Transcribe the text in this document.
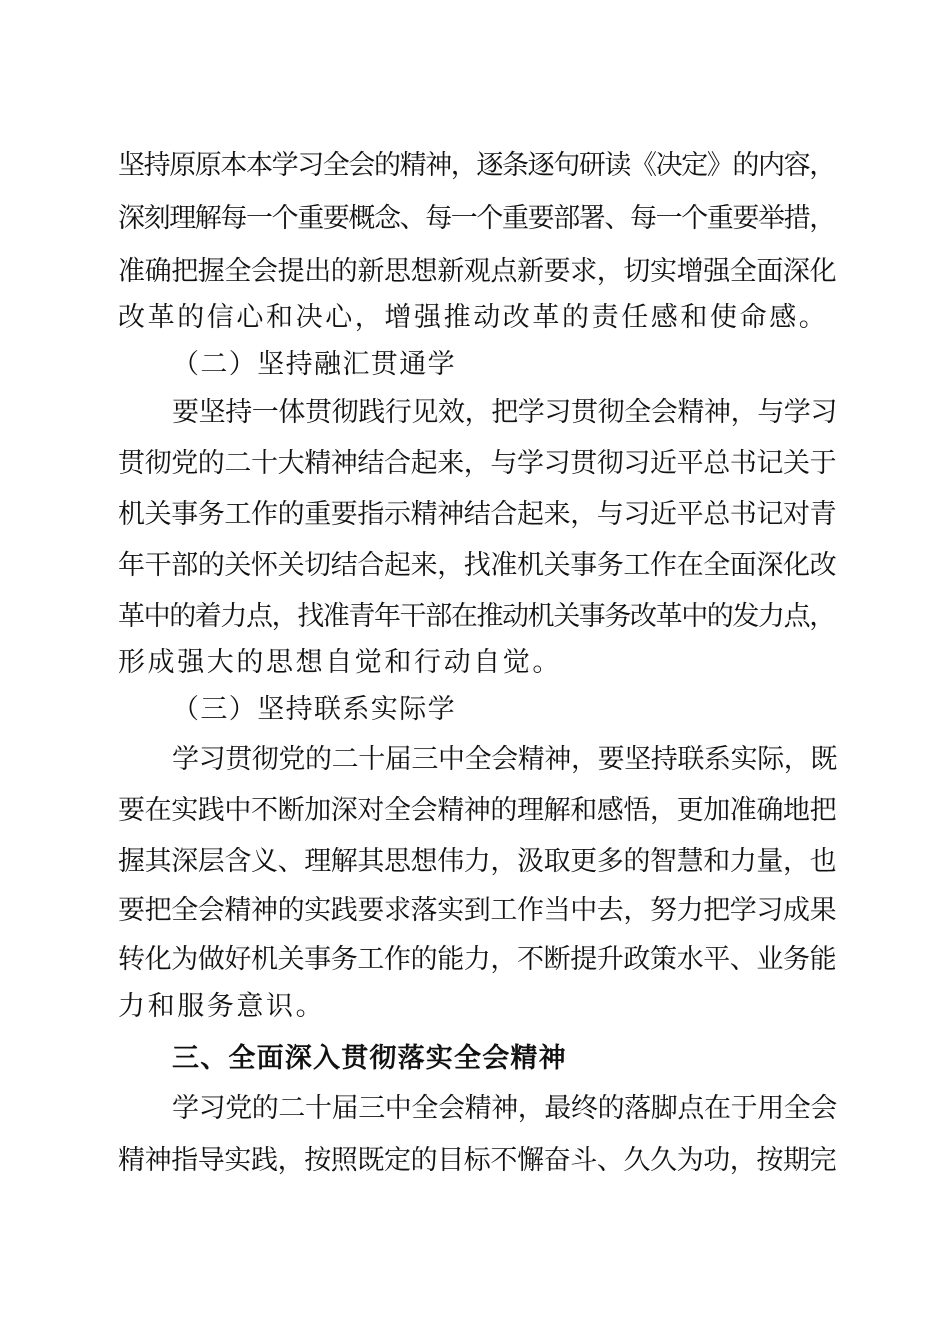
坚持原原本本学习全会的精神，逐条逐句研读《决定》的内容，
深刻理解每一个重要概念、每一个重要部署、每一个重要举措，
准确把握全会提出的新思想新观点新要求，切实增强全面深化
改革的信心和决心，增强推动改革的责任感和使命感。
（二）坚持融汇贯通学
要坚持一体贯彻践行见效，把学习贯彻全会精神，与学习
贯彻党的二十大精神结合起来，与学习贯彻习近平总书记关于
机关事务工作的重要指示精神结合起来，与习近平总书记对青
年干部的关怀关切结合起来，找准机关事务工作在全面深化改
革中的着力点，找准青年干部在推动机关事务改革中的发力点，
形成强大的思想自觉和行动自觉。
（三）坚持联系实际学
学习贯彻党的二十届三中全会精神，要坚持联系实际，既
要在实践中不断加深对全会精神的理解和感悟，更加准确地把
握其深层含义、理解其思想伟力，汲取更多的智慧和力量，也
要把全会精神的实践要求落实到工作当中去，努力把学习成果
转化为做好机关事务工作的能力，不断提升政策水平、业务能
力和服务意识。
三、全面深入贯彻落实全会精神
学习党的二十届三中全会精神，最终的落脚点在于用全会
精神指导实践，按照既定的目标不懈奋斗、久久为功，按期完
